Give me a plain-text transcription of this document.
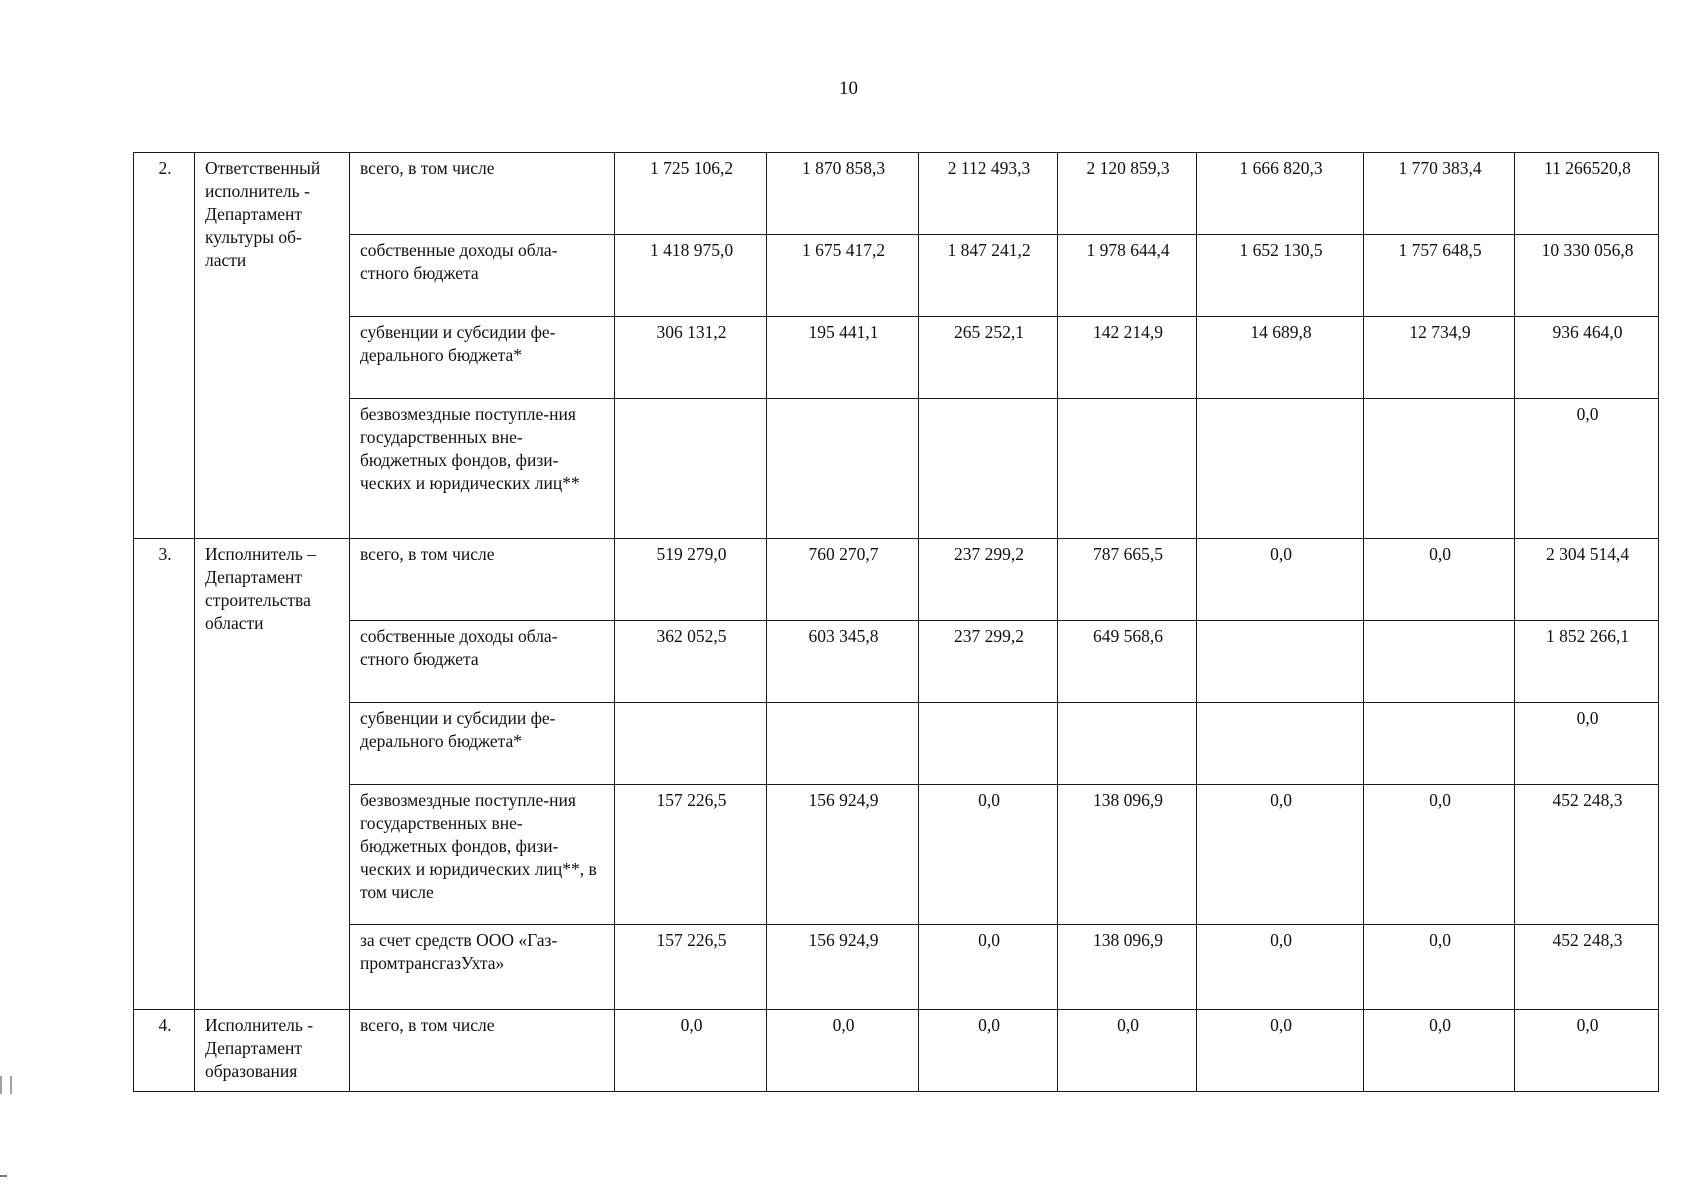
10
2.	Ответственный исполнитель - Департамент культуры об-ласти	всего, в том числе	1 725 106,2	1 870 858,3	2 112 493,3	2 120 859,3	1 666 820,3	1 770 383,4	11 266520,8
		собственные доходы обла-стного бюджета	1 418 975,0	1 675 417,2	1 847 241,2	1 978 644,4	1 652 130,5	1 757 648,5	10 330 056,8
		субвенции и субсидии фе-дерального бюджета*	306 131,2	195 441,1	265 252,1	142 214,9	14 689,8	12 734,9	936 464,0
		безвозмездные поступле-ния государственных вне-бюджетных фондов, физи-ческих и юридических лиц**							0,0
3.	Исполнитель – Департамент строительства области	всего, в том числе	519 279,0	760 270,7	237 299,2	787 665,5	0,0	0,0	2 304 514,4
		собственные доходы обла-стного бюджета	362 052,5	603 345,8	237 299,2	649 568,6			1 852 266,1
		субвенции и субсидии фе-дерального бюджета*							0,0
		безвозмездные поступле-ния государственных вне-бюджетных фондов, физи-ческих и юридических лиц**, в том числе	157 226,5	156 924,9	0,0	138 096,9	0,0	0,0	452 248,3
		за счет средств ООО «Газ-промтрансгазУхта»	157 226,5	156 924,9	0,0	138 096,9	0,0	0,0	452 248,3
4.	Исполнитель - Департамент образования	всего, в том числе	0,0	0,0	0,0	0,0	0,0	0,0	0,0
